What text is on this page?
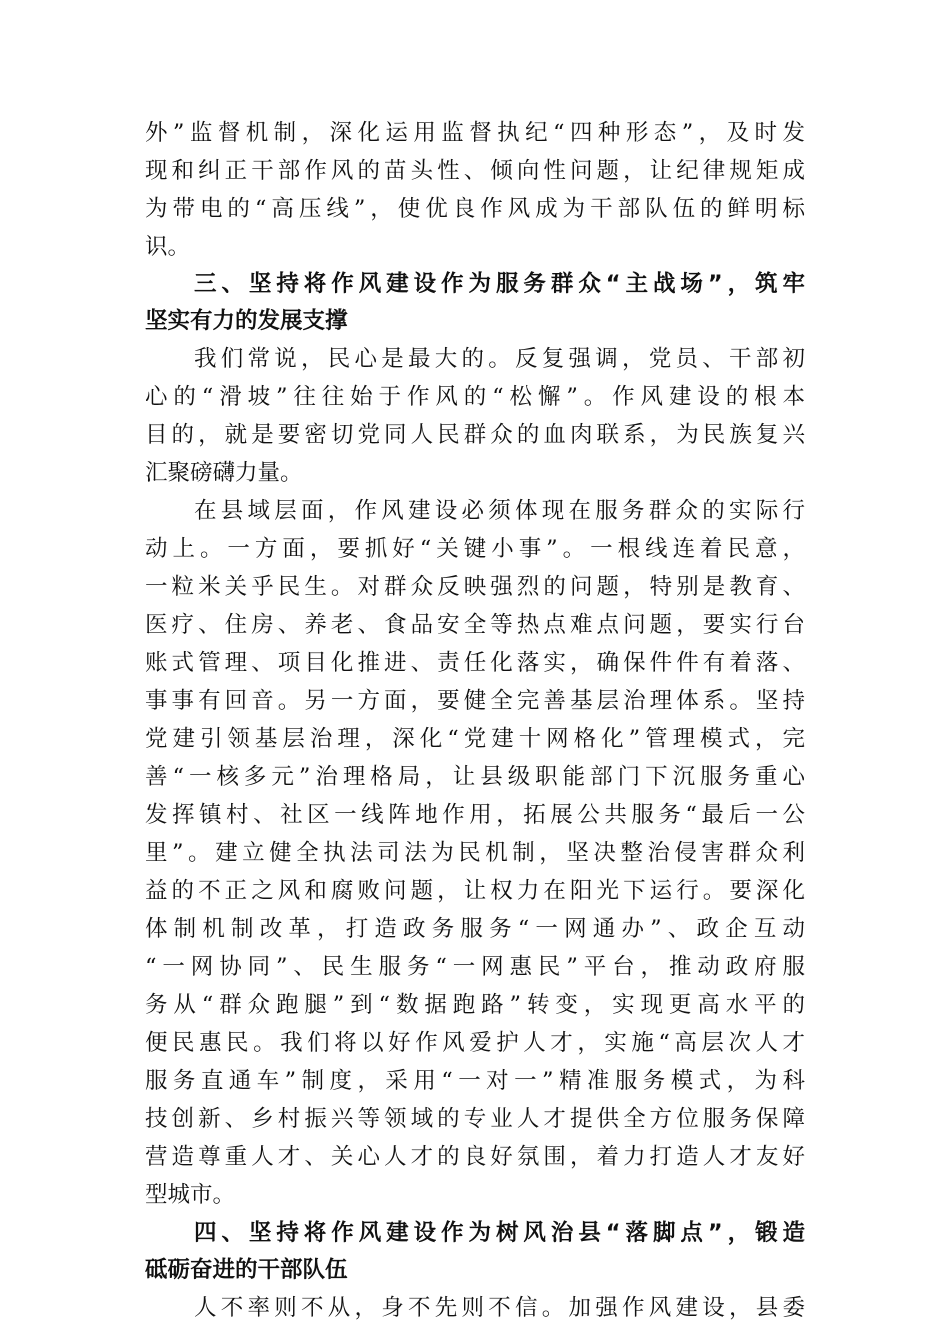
外”监督机制，深化运用监督执纪“四种形态”，及时发
现和纠正干部作风的苗头性、倾向性问题，让纪律规矩成
为带电的“高压线”，使优良作风成为干部队伍的鲜明标
识。
三、坚持将作风建设作为服务群众“主战场”，筑牢
坚实有力的发展支撑
我们常说，民心是最大的。反复强调，党员、干部初
心的“滑坡”往往始于作风的“松懈”。作风建设的根本
目的，就是要密切党同人民群众的血肉联系，为民族复兴
汇聚磅礴力量。
在县域层面，作风建设必须体现在服务群众的实际行
动上。一方面，要抓好“关键小事”。一根线连着民意，
一粒米关乎民生。对群众反映强烈的问题，特别是教育、
医疗、住房、养老、食品安全等热点难点问题，要实行台
账式管理、项目化推进、责任化落实，确保件件有着落、
事事有回音。另一方面，要健全完善基层治理体系。坚持
党建引领基层治理，深化“党建十网格化”管理模式，完
善“一核多元”治理格局，让县级职能部门下沉服务重心
发挥镇村、社区一线阵地作用，拓展公共服务“最后一公
里”。建立健全执法司法为民机制，坚决整治侵害群众利
益的不正之风和腐败问题，让权力在阳光下运行。要深化
体制机制改革，打造政务服务“一网通办”、政企互动
“一网协同”、民生服务“一网惠民”平台，推动政府服
务从“群众跑腿”到“数据跑路”转变，实现更高水平的
便民惠民。我们将以好作风爱护人才，实施“高层次人才
服务直通车”制度，采用“一对一”精准服务模式，为科
技创新、乡村振兴等领域的专业人才提供全方位服务保障
营造尊重人才、关心人才的良好氛围，着力打造人才友好
型城市。
四、坚持将作风建设作为树风治县“落脚点”，锻造
砥砺奋进的干部队伍
人不率则不从，身不先则不信。加强作风建设，县委
